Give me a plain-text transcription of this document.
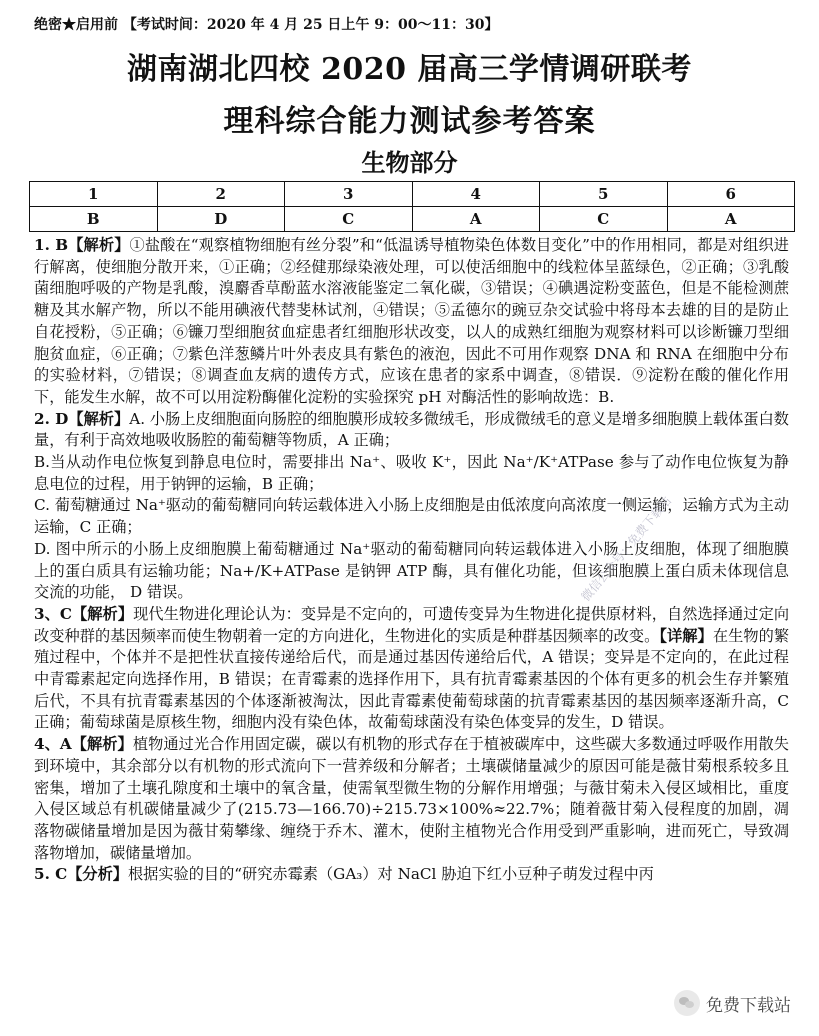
绝密★启用前 【考试时间：2020 年 4 月 25 日上午 9：00～11：30】
湖南湖北四校 2020 届高三学情调研联考
理科综合能力测试参考答案
生物部分
1	2	3	4	5	6
B	D	C	A	C	A

1. B【解析】①盐酸在“观察植物细胞有丝分裂”和“低温诱导植物染色体数目变化”中的作用相同，都是对组织进行解离，使细胞分散开来，①正确；②经健那绿染液处理，可以使活细胞中的线粒体呈蓝绿色，②正确；③乳酸菌细胞呼吸的产物是乳酸，溴麝香草酚蓝水溶液能鉴定二氧化碳，③错误；④碘遇淀粉变蓝色，但是不能检测蔗糖及其水解产物，所以不能用碘液代替斐林试剂，④错误；⑤孟德尔的豌豆杂交试验中将母本去雄的目的是防止自花授粉，⑤正确；⑥镰刀型细胞贫血症患者红细胞形状改变，以人的成熟红细胞为观察材料可以诊断镰刀型细胞贫血症，⑥正确；⑦紫色洋葱鳞片叶外表皮具有紫色的液泡，因此不可用作观察 DNA 和 RNA 在细胞中分布的实验材料，⑦错误；⑧调查血友病的遗传方式，应该在患者的家系中调查，⑧错误．⑨淀粉在酸的催化作用下，能发生水解，故不可以用淀粉酶催化淀粉的实验探究 pH 对酶活性的影响故选：B.

2. D【解析】A. 小肠上皮细胞面向肠腔的细胞膜形成较多微绒毛，形成微绒毛的意义是增多细胞膜上载体蛋白数量，有利于高效地吸收肠腔的葡萄糖等物质，A 正确；

B.当从动作电位恢复到静息电位时，需要排出 Na⁺、吸收 K⁺，因此 Na⁺/K⁺ATPase 参与了动作电位恢复为静息电位的过程，用于钠钾的运输，B 正确；

C. 葡萄糖通过 Na⁺驱动的葡萄糖同向转运载体进入小肠上皮细胞是由低浓度向高浓度一侧运输，运输方式为主动运输，C 正确；

D. 图中所示的小肠上皮细胞膜上葡萄糖通过 Na⁺驱动的葡萄糖同向转运载体进入小肠上皮细胞，体现了细胞膜上的蛋白质具有运输功能；Na+/K+ATPase 是钠钾 ATP 酶，具有催化功能，但该细胞膜上蛋白质未体现信息交流的功能， D 错误。

3、C【解析】现代生物进化理论认为：变异是不定向的，可遗传变异为生物进化提供原材料，自然选择通过定向改变种群的基因频率而使生物朝着一定的方向进化，生物进化的实质是种群基因频率的改变。【详解】在生物的繁殖过程中，个体并不是把性状直接传递给后代，而是通过基因传递给后代，A 错误；变异是不定向的，在此过程中青霉素起定向选择作用，B 错误；在青霉素的选择作用下，具有抗青霉素基因的个体有更多的机会生存并繁殖后代，不具有抗青霉素基因的个体逐渐被淘汰，因此青霉素使葡萄球菌的抗青霉素基因的基因频率逐渐升高，C 正确；葡萄球菌是原核生物，细胞内没有染色体，故葡萄球菌没有染色体变异的发生，D 错误。

4、A【解析】植物通过光合作用固定碳，碳以有机物的形式存在于植被碳库中，这些碳大多数通过呼吸作用散失到环境中，其余部分以有机物的形式流向下一营养级和分解者；土壤碳储量减少的原因可能是薇甘菊根系较多且密集，增加了土壤孔隙度和土壤中的氧含量，使需氧型微生物的分解作用增强；与薇甘菊未入侵区域相比，重度入侵区域总有机碳储量减少了(215.73—166.70)÷215.73×100%≈22.7%；随着薇甘菊入侵程度的加剧，凋落物碳储量增加是因为薇甘菊攀缘、缠绕于乔木、灌木，使附主植物光合作用受到严重影响，进而死亡，导致凋落物增加，碳储量增加。

5. C【分析】根据实验的目的“研究赤霉素（GA₃）对 NaCl 胁迫下红小豆种子萌发过程中丙

微信公众号：免费下载站
免费下载站
